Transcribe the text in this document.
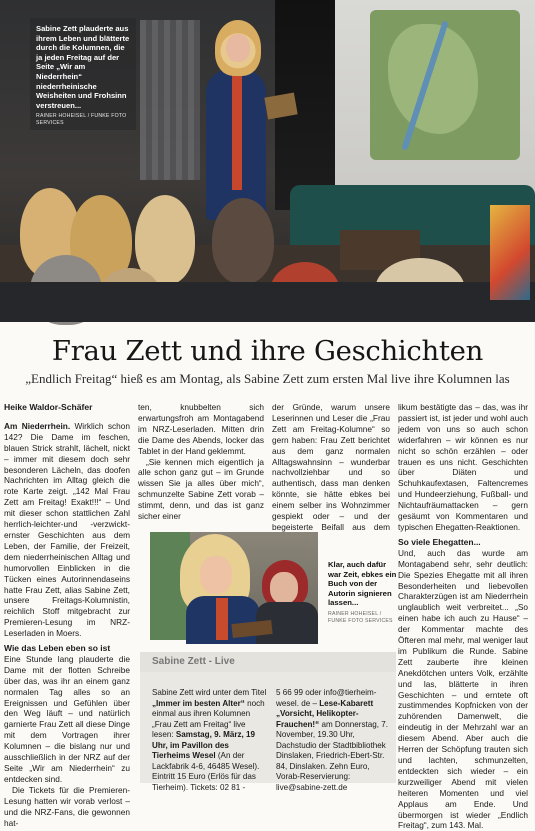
Sabine Zett plauderte aus ihrem Leben und blätterte durch die Kolumnen, die ja jeden Freitag auf der Seite „Wir am Niederrhein“ niederrheinische Weisheiten und Frohsinn verstreuen...
RAINER HOHEISEL / FUNKE FOTO SERVICES
Frau Zett und ihre Geschichten
„Endlich Freitag“ hieß es am Montag, als Sabine Zett zum ersten Mal live ihre Kolumnen las
Heike Waldor-Schäfer

Am Niederrhein. Wirklich schon 142? Die Dame im feschen, blauen Strick strahlt, lächelt, nickt – immer mit diesem doch sehr besonderen Lächeln, das doofen Nachrichten im Alltag gleich die rote Karte zeigt. „142 Mal Frau Zett am Freitag! Exakt!!!“ – Und mit dieser schon stattlichen Zahl herrlich-leichter-und -verzwickt-ernster Geschichten aus dem Leben, der Familie, der Freizeit, dem niederrheinischen Alltag und humorvollen Einblicken in die Tücken eines Autorinnendaseins hatte Frau Zett, alias Sabine Zett, unsere Freitags-Kolumnistin, reichlich Stoff mitgebracht zur Premieren-Lesung im NRZ-Leserladen in Moers.

Wie das Leben eben so ist

Eine Stunde lang plauderte die Dame mit der flotten Schreibe über das, was ihr an einem ganz normalen Tag alles so an Ereignissen und Gefühlen über den Weg läuft – und natürlich garnierte Frau Zett all diese Dinge mit dem Vortragen ihrer Kolumnen – die bislang nur und ausschließlich in der NRZ auf der Seite „Wir am Niederrhein“ zu entdecken sind.

Die Tickets für die Premieren-Lesung hatten wir vorab verlost – und die NRZ-Fans, die gewonnen hat-

ten, knubbelten sich erwartungsfroh am Montagabend im NRZ-Leserladen. Mitten drin die Dame des Abends, locker das Tablet in der Hand geklemmt.

„Sie kennen mich eigentlich ja alle schon ganz gut – im Grunde wissen Sie ja alles über mich“, schmunzelte Sabine Zett vorab – stimmt, denn, und das ist ganz sicher einer

der Gründe, warum unsere Leserinnen und Leser die „Frau Zett am Freitag-Kolumne“ so gern haben: Frau Zett berichtet aus dem ganz normalen Alltagswahnsinn – wunderbar nachvollziehbar und so authentisch, dass man denken könnte, sie hätte ebkes bei einem selber ins Wohnzimmer gespiekt oder – und der begeisterte Beifall aus dem

likum bestätigte das – das, was ihr passiert ist, ist jeder und wohl auch jedem von uns so auch schon widerfahren – wir können es nur nicht so schön erzählen – oder trauen es uns nicht. Geschichten über Diäten und Schuhkaufextasen, Faltencremes und Hundeerziehung, Fußball- und Nichtaufräumattacken – gern gesäumt von Kommentaren und typischen Ehegatten-Reaktionen.

So viele Ehegatten...

Und, auch das wurde am Montagabend sehr, sehr deutlich: Die Spezies Ehegatte mit all ihren Besonderheiten und liebevollen Charakterzügen ist am Niederrhein unglaublich weit verbreitet... „So einen habe ich auch zu Hause“ – der Kommentar machte des Öfteren mal mehr, mal weniger laut im Publikum die Runde. Sabine Zett zauberte ihre kleinen Anekdötchen unters Volk, erzählte und las, blätterte in ihren Geschichten – und erntete oft zustimmendes Kopfnicken von der zuhörenden Damenwelt, die eindeutig in der Mehrzahl war an diesem Abend. Aber auch die Herren der Schöpfung trauten sich und lachten, schmunzelten, entdeckten sich wieder – ein kurzweiliger Abend mit vielen heiteren Momenten und viel Applaus am Ende. Und übermorgen ist wieder „Endlich Freitag“, zum 143. Mal.

Klar, auch dafür war Zeit, ebkes ein Buch von der Autorin signieren lassen...
RAINER HOHEISEL / FUNKE FOTO SERVICES
Sabine Zett - Live
Sabine Zett wird unter dem Titel „Immer im besten Alter“ noch einmal aus ihren Kolumnen „Frau Zett am Freitag“ live lesen: Samstag, 9. März, 19 Uhr, im Pavillon des Tierheims Wesel (An der Lackfabrik 4-6, 46485 Wesel). Eintritt 15 Euro (Erlös für das Tierheim). Tickets: 02 81 -
5 66 99 oder info@tierheim-wesel. de – Lese-Kabarett „Vorsicht, Helikopter-Frauchen!“ am Donnerstag, 7. November, 19.30 Uhr, Dachstudio der Stadtbibliothek Dinslaken, Friedrich-Ebert-Str. 84, Dinslaken. Zehn Euro, Vorab-Reservierung: live@sabine-zett.de
